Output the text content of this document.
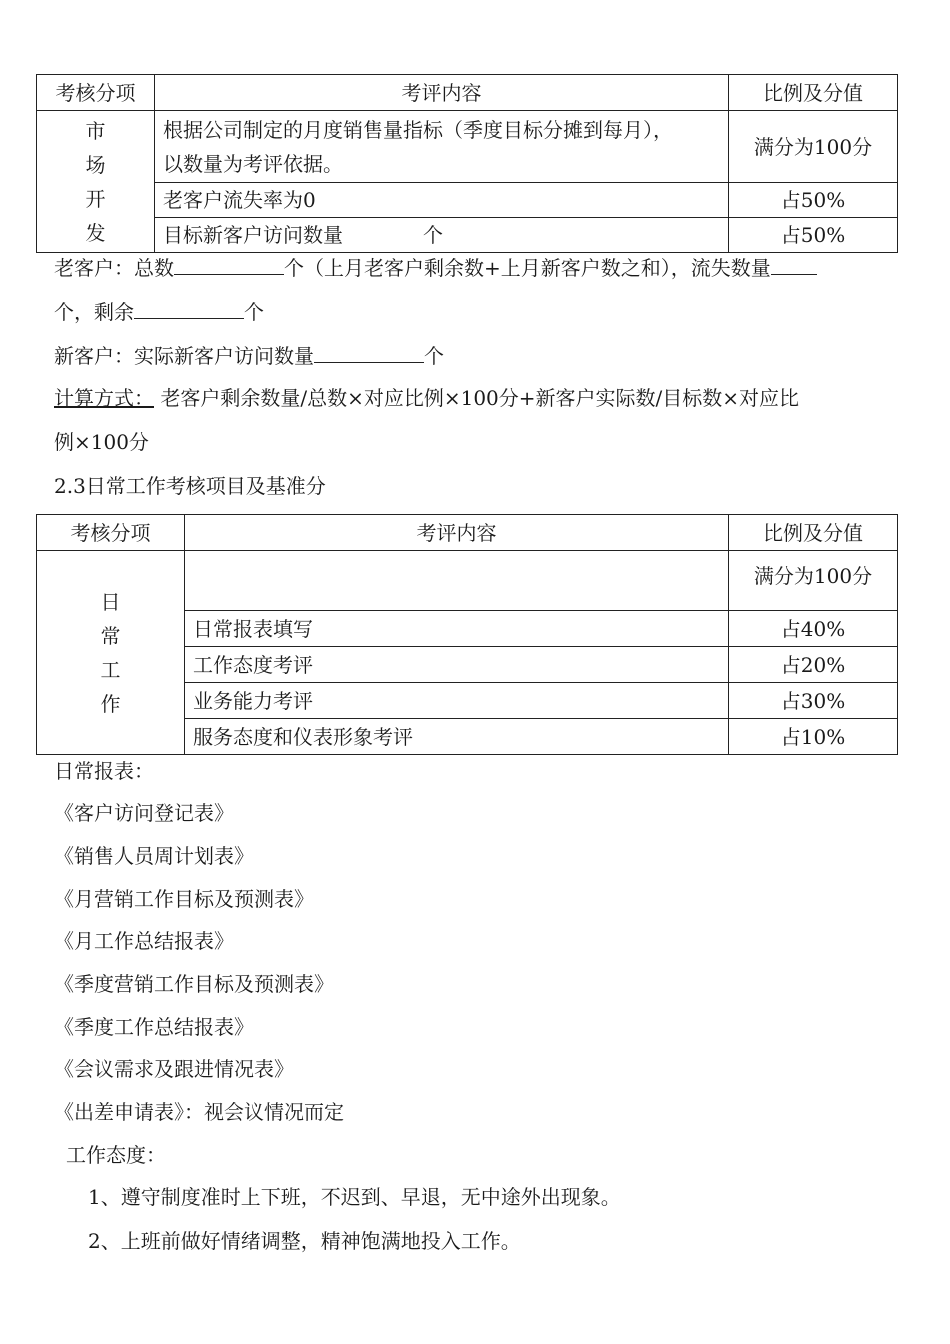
考核分项	考评内容	比例及分值

市
场
开
发	根据公司制定的月度销售量指标（季度目标分摊到每月），以数量为考评依据。	满分为100分
	老客户流失率为0	占50%
	目标新客户访问数量 个	占50%
老客户：总数	个（上月老客户剩余数+上月新客户数之和），流失数量
个，剩余	个
新客户：实际新客户访问数量	个
计算方式： 老客户剩余数量/总数×对应比例×100分+新客户实际数/目标数×对应比
例×100分
2.3日常工作考核项目及基准分
考核分项	考评内容	比例及分值

日
常
工
作		满分为100分
	日常报表填写	占40%
	工作态度考评	占20%
	业务能力考评	占30%
	服务态度和仪表形象考评	占10%
日常报表：
《客户访问登记表》
《销售人员周计划表》
《月营销工作目标及预测表》
《月工作总结报表》
《季度营销工作目标及预测表》
《季度工作总结报表》
《会议需求及跟进情况表》
《出差申请表》：视会议情况而定
工作态度：
1、遵守制度准时上下班，不迟到、早退，无中途外出现象。
2、上班前做好情绪调整，精神饱满地投入工作。
